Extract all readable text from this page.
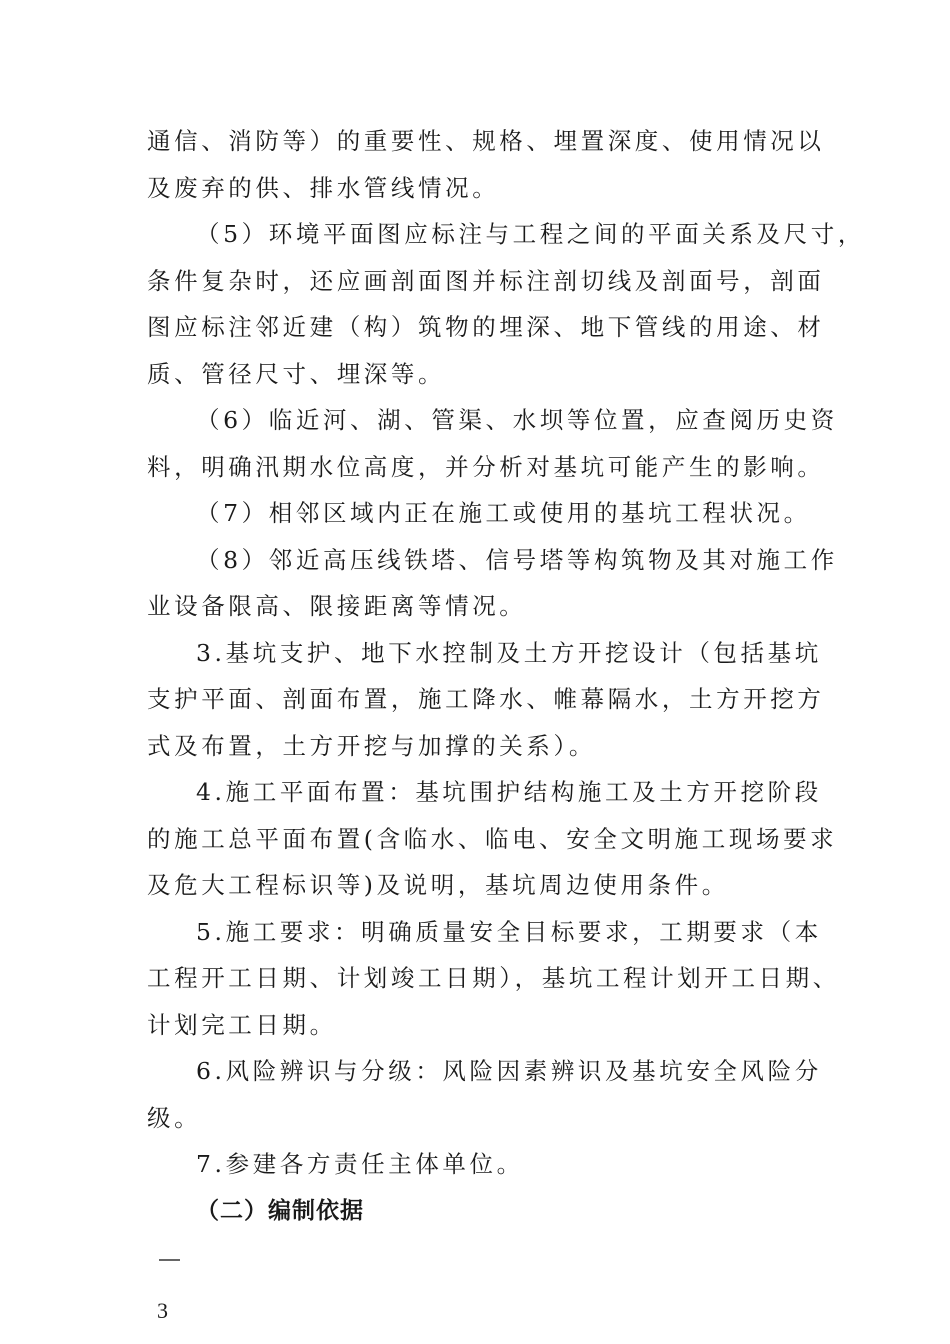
通信、消防等）的重要性、规格、埋置深度、使用情况以
及废弃的供、排水管线情况。
（5）环境平面图应标注与工程之间的平面关系及尺寸，
条件复杂时，还应画剖面图并标注剖切线及剖面号，剖面
图应标注邻近建（构）筑物的埋深、地下管线的用途、材
质、管径尺寸、埋深等。
（6）临近河、湖、管渠、水坝等位置，应查阅历史资
料，明确汛期水位高度，并分析对基坑可能产生的影响。
（7）相邻区域内正在施工或使用的基坑工程状况。
（8）邻近高压线铁塔、信号塔等构筑物及其对施工作
业设备限高、限接距离等情况。
3.基坑支护、地下水控制及土方开挖设计（包括基坑
支护平面、剖面布置，施工降水、帷幕隔水，土方开挖方
式及布置，土方开挖与加撑的关系）。
4.施工平面布置：基坑围护结构施工及土方开挖阶段
的施工总平面布置(含临水、临电、安全文明施工现场要求
及危大工程标识等)及说明，基坑周边使用条件。
5.施工要求：明确质量安全目标要求，工期要求（本
工程开工日期、计划竣工日期），基坑工程计划开工日期、
计划完工日期。
6.风险辨识与分级：风险因素辨识及基坑安全风险分
级。
7.参建各方责任主体单位。
（二）编制依据
3
